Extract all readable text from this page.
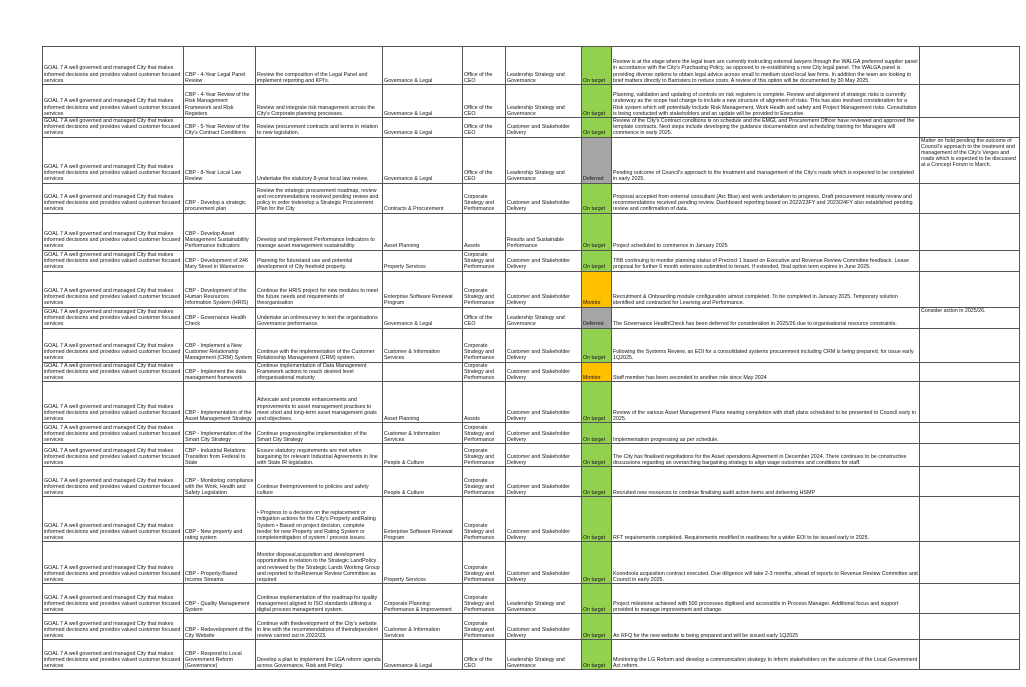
GOAL 7 A well governed and managed City that makes informed decisions and provides valued customer focused services	CBP - 4-Year Legal Panel Review	Review the composition of the Legal Panel and implement reporting and KPI's.	Governance & Legal	Office of the CEO	Leadership Strategy and Governance	On target	Review is at the stage where the legal team are currently instructing external lawyers through the WALGA preferred supplier panel in accordance with the City's Purchasing Policy, as opposed to re-establishing a new City legal panel. The WALGA panel is providing diverse options to obtain legal advice across small to medium sized local law firms. In addition the team are looking to brief matters directly to Barristers to reduce costs. A review of this option will be documented by 30 May 2025.	
GOAL 7 A well governed and managed City that makes informed decisions and provides valued customer focused services	CBP - 4-Year Review of the Risk Management Framework and Risk Registers	Review and integrate risk management across the City's Corporate planning processes.	Governance & Legal	Office of the CEO	Leadership Strategy and Governance	On target	Planning, validation and updating of controls on risk registers is complete. Review and alignment of strategic risks is currently underway as the scope had change to include a new structure of alignment of risks. This has also involved consideration for a Risk system which will potentially include Risk Management, Work Health and safety and Project Management risks. Consultation is being conducted with stakeholders and an update will be provided to Executive.	
GOAL 7 A well governed and managed City that makes informed decisions and provides valued customer focused services	CBP - 5-Year Review of the City's Contract Conditions	Review procurement contracts and terms in relation to new legislation.	Governance & Legal	Office of the CEO	Customer and Stakeholder Delivery	On target	Review of the City's Contract conditions is on schedule and the EMGL and Procurement Officer have reviewed and approved the template contracts. Next steps include developing the guidance documentation and scheduling training for Managers will commence in early 2025.	
GOAL 7 A well governed and managed City that makes informed decisions and provides valued customer focused services	CBP - 8-Year Local Law Review	Undertake the statutory 8-year local law review.	Governance & Legal	Office of the CEO	Leadership Strategy and Governance	Deferred	Pending outcome of Council's approach to the treatment and management of the City's roads which is expected to be completed in early 2025.	Matter on hold pending the outcome of Council's approach to the treatment and management of the City's Verges and roads which is expected to be discussed at a Concept Forum in March.
GOAL 7 A well governed and managed City that makes informed decisions and provides valued customer focused services	CBP - Develop a strategic procurement plan	Review the strategic procurement roadmap, review and recommendations received pending review and policy in order todevelop a Strategic Procurement Plan for the City	Contracts & Procurement	Corporate Strategy and Performance	Customer and Stakeholder Delivery	On target	Proposal accepted from external consultant (Arc Blue) and work undertaken to progress. Draft procurement maturity review and recommendations received pending review. Dashboard reporting based on 2022/23FY and 2023/24FY also established pending review and confirmation of data.	
GOAL 7 A well governed and managed City that makes informed decisions and provides valued customer focused services	CBP - Develop Asset Management Sustainability Performance Indicators	Develop and implement Performance Indicators to manage asset management sustainability.	Asset Planning	Assets	Results and Sustainable Performance	On target	Project scheduled to commence in January 2025	
GOAL 7 A well governed and managed City that makes informed decisions and provides valued customer focused services	CBP - Development of 246 Mary Street in Wanneroo	Planning for futureland use and potential development of City freehold property.	Property Services	Corporate Strategy and Performance	Customer and Stakeholder Delivery	On target	TBB continuing to monitor planning status of Precinct 1 based on Executive and Revenue Review Committee feedback. Lease proposal for further 6 month extension submitted to tenant. If extended, final option term expires in June 2025.	
GOAL 7 A well governed and managed City that makes informed decisions and provides valued customer focused services	CBP - Development of the Human Resources Information System (HRIS)	Continue the HRIS project for new modules to meet the future needs and requirements of theorganisation	Enterprise Software Renewal Program	Corporate Strategy and Performance	Customer and Stakeholder Delivery	Monitor	Recruitment & Onboarding module configuration almost completed. To be completed in January 2025. Temporary solution identified and contracted for Learning and Performance.	
GOAL 7 A well governed and managed City that makes informed decisions and provides valued customer focused services	CBP - Governance Health Check	Undertake an onlinesurvey to test the organisations Governance performance.	Governance & Legal	Office of the CEO	Leadership Strategy and Governance	Deferred	The Governance HealthCheck has been deferred for consideration in 2025/26 due to organisational resource constraints.	Consider action in 2025/26.
GOAL 7 A well governed and managed City that makes informed decisions and provides valued customer focused services	CBP - Implement a New Customer Relationship Management (CRM) System	Continue with the implementation of the Customer Relationship Management (CRM) system.	Customer & Information Services	Corporate Strategy and Performance	Customer and Stakeholder Delivery	On target	Following the Systems Review, an EOI for a consolidated systems procurement including CRM is being prepared, for issue early 1Q2025.	
GOAL 7 A well governed and managed City that makes informed decisions and provides valued customer focused services	CBP - Implement the data management framework	Continue implementation of Data Management Framework actions to reach desired level oforganisational maturity		Corporate Strategy and Performance	Customer and Stakeholder Delivery	Monitor	Staff member has been seconded to another role since May 2024	
GOAL 7 A well governed and managed City that makes informed decisions and provides valued customer focused services	CBP - Implementation of the Asset Management Strategy	Advocate and promote enhancements and improvements to asset management practises to meet short and long-term asset management goals and objectives.	Asset Planning	Assets	Customer and Stakeholder Delivery	On target	Review of the various Asset Management Plans nearing completion with draft plans scheduled to be presented to Council early in 2025.	
GOAL 7 A well governed and managed City that makes informed decisions and provides valued customer focused services	CBP - Implementation of the Smart City Strategy	Continue progressingthe implementation of the Smart City Strategy	Customer & Information Services	Corporate Strategy and Performance	Customer and Stakeholder Delivery	On target	Implementation progressing as per schedule.	
GOAL 7 A well governed and managed City that makes informed decisions and provides valued customer focused services	CBP - Industrial Relations Transition from Federal to State	Ensure statutory requirements are met when bargaining for relevant Industrial Agreements in line with State IR legislation.	People & Culture	Corporate Strategy and Performance	Customer and Stakeholder Delivery	On target	The City has finalised negotiations for the Asset operations Agreement in December 2024. There continues to be constructive discussions regarding an overarching bargaining strategy to align wage outcomes and conditions for staff.	
GOAL 7 A well governed and managed City that makes informed decisions and provides valued customer focused services	CBP - Monitoring compliance with the Work, Health and Safety Legislation	Continue theimprovement to policies and safety culture	People & Culture	Corporate Strategy and Performance	Customer and Stakeholder Delivery	On target	Recruited new resources to continue finalising audit action items and delivering HSMP	
GOAL 7 A well governed and managed City that makes informed decisions and provides valued customer focused services	CBP - New property and rating system	• Progress to a decision on the replacement or mitigation actions for the City's Property andRating System • Based on project decision, complete tender for new Property and Rating System or completemitigation of system / process issues	Enterprise Software Renewal Program	Corporate Strategy and Performance	Customer and Stakeholder Delivery	On target	RFT requirements completed. Requirements modified in readiness for a wider EOI to be issued early in 2025.	
GOAL 7 A well governed and managed City that makes informed decisions and provides valued customer focused services	CBP - Property-Based Income Streams	Monitor disposal,acquisition and development opportunities in relation to the Strategic LandPolicy and reviewed by the Strategic Lands Working Group and reported to theRevenue Review Committee as required	Property Services	Corporate Strategy and Performance	Customer and Stakeholder Delivery	On target	Koondoola acquisition contract executed. Due diligence will take 2-3 months, ahead of reports to Revenue Review Committee and Council in early 2025.	
GOAL 7 A well governed and managed City that makes informed decisions and provides valued customer focused services	CBP - Quality Management System	Continue implementation of the roadmap for quality management aligned to ISO standards utilising a digital process management system.	Corporate Planning Performance & Improvement	Corporate Strategy and Performance	Leadership Strategy and Governance	On target	Project milestone achieved with 500 processes digitised and accessible in Process Manager. Additional focus and support provided to manage improvement and change.	
GOAL 7 A well governed and managed City that makes informed decisions and provides valued customer focused services	CBP - Redevelopment of the City Website	Continue with thedevelopment of the City's website in line with the recommendations of theindependent review carried out in 2022/23.	Customer & Information Services	Corporate Strategy and Performance	Customer and Stakeholder Delivery	On target	An RFQ for the new website is being prepared and will be issued early 1Q2025	
GOAL 7 A well governed and managed City that makes informed decisions and provides valued customer focused services	CBP - Respond to Local Government Reform (Governance)	Develop a plan to implement the LGA reform agenda across Governance, Risk and Policy.	Governance & Legal	Office of the CEO	Leadership Strategy and Governance	On target	Monitoring the LG Reform and develop a communication strategy to inform stakeholders on the outcome of the Local Government Act reform.	
